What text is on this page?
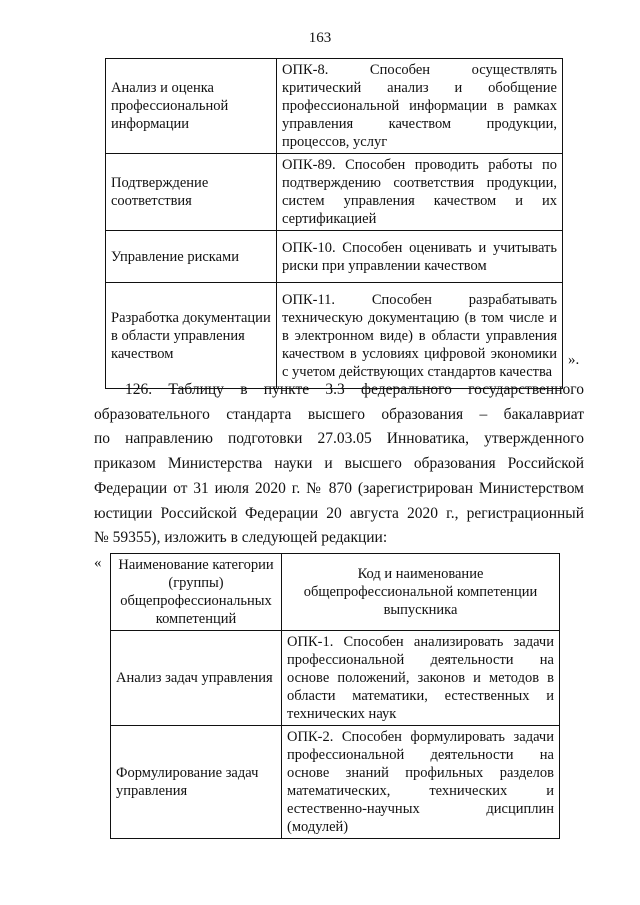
163
Анализ и оценка профессиональной информации	ОПК-8. Способен осуществлять критический анализ и обобщение профессиональной информации в рамках управления качеством продукции, процессов, услуг
Подтверждение соответствия	ОПК-89. Способен проводить работы по подтверждению соответствия продукции, систем управления качеством и их сертификацией
Управление рисками	ОПК-10. Способен оценивать и учитывать риски при управлении качеством
Разработка документации в области управления качеством	ОПК-11. Способен разрабатывать техническую документацию (в том числе и в электронном виде) в области управления качеством в условиях цифровой экономики с учетом действующих стандартов качества
».
126. Таблицу в пункте 3.3 федерального государственного
образовательного стандарта высшего образования – бакалавриат
по направлению подготовки 27.03.05 Инноватика, утвержденного
приказом Министерства науки и высшего образования Российской
Федерации от 31 июля 2020 г. № 870 (зарегистрирован Министерством
юстиции Российской Федерации 20 августа 2020 г., регистрационный
№ 59355), изложить в следующей редакции:
« Наименование категории (группы) общепрофессиональных компетенций	Код и наименование общепрофессиональной компетенции выпускника
Анализ задач управления	ОПК-1. Способен анализировать задачи профессиональной деятельности на основе положений, законов и методов в области математики, естественных и технических наук
Формулирование задач управления	ОПК-2. Способен формулировать задачи профессиональной деятельности на основе знаний профильных разделов математических, технических и естественно-научных дисциплин (модулей)
